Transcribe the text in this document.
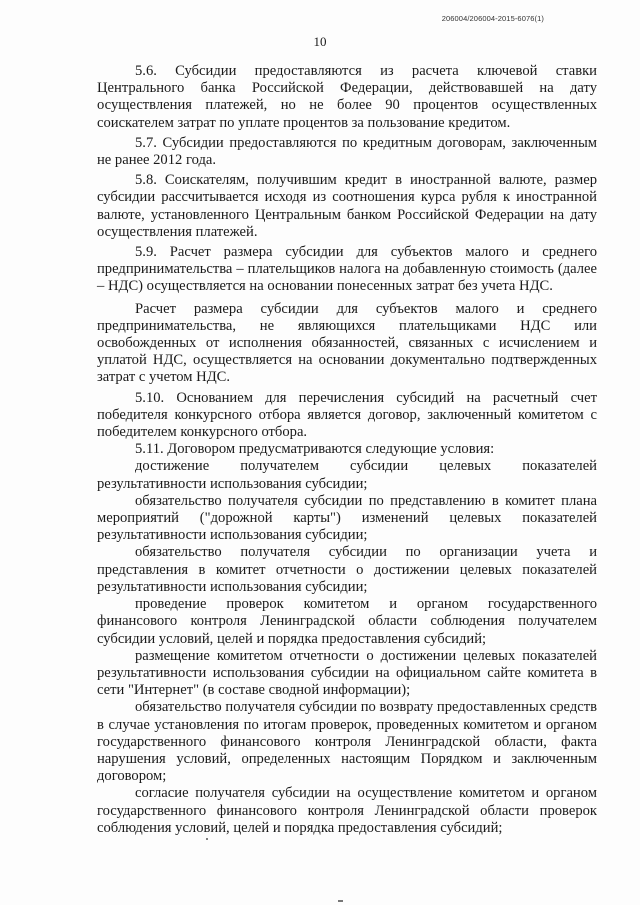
206004/206004-2015-6076(1)
10

5.6. Субсидии предоставляются из расчета ключевой ставки Центрального банка Российской Федерации, действовавшей на дату осуществления платежей, но не более 90 процентов осуществленных соискателем затрат по уплате процентов за пользование кредитом.

5.7. Субсидии предоставляются по кредитным договорам, заключенным не ранее 2012 года.

5.8. Соискателям, получившим кредит в иностранной валюте, размер субсидии рассчитывается исходя из соотношения курса рубля к иностранной валюте, установленного Центральным банком Российской Федерации на дату осуществления платежей.

5.9. Расчет размера субсидии для субъектов малого и среднего предпринимательства – плательщиков налога на добавленную стоимость (далее – НДС) осуществляется на основании понесенных затрат без учета НДС.

Расчет размера субсидии для субъектов малого и среднего предпринимательства, не являющихся плательщиками НДС или освобожденных от исполнения обязанностей, связанных с исчислением и уплатой НДС, осуществляется на основании документально подтвержденных затрат с учетом НДС.

5.10. Основанием для перечисления субсидий на расчетный счет победителя конкурсного отбора является договор, заключенный комитетом с победителем конкурсного отбора.

5.11. Договором предусматриваются следующие условия:

достижение получателем субсидии целевых показателей результативности использования субсидии;

обязательство получателя субсидии по представлению в комитет плана мероприятий ("дорожной карты") изменений целевых показателей результативности использования субсидии;

обязательство получателя субсидии по организации учета и представления в комитет отчетности о достижении целевых показателей результативности использования субсидии;

проведение проверок комитетом и органом государственного финансового контроля Ленинградской области соблюдения получателем субсидии условий, целей и порядка предоставления субсидий;

размещение комитетом отчетности о достижении целевых показателей результативности использования субсидии на официальном сайте комитета в сети "Интернет" (в составе сводной информации);

обязательство получателя субсидии по возврату предоставленных средств в случае установления по итогам проверок, проведенных комитетом и органом государственного финансового контроля Ленинградской области, факта нарушения условий, определенных настоящим Порядком и заключенным договором;

согласие получателя субсидии на осуществление комитетом и органом государственного финансового контроля Ленинградской области проверок соблюдения условий, целей и порядка предоставления субсидий;
